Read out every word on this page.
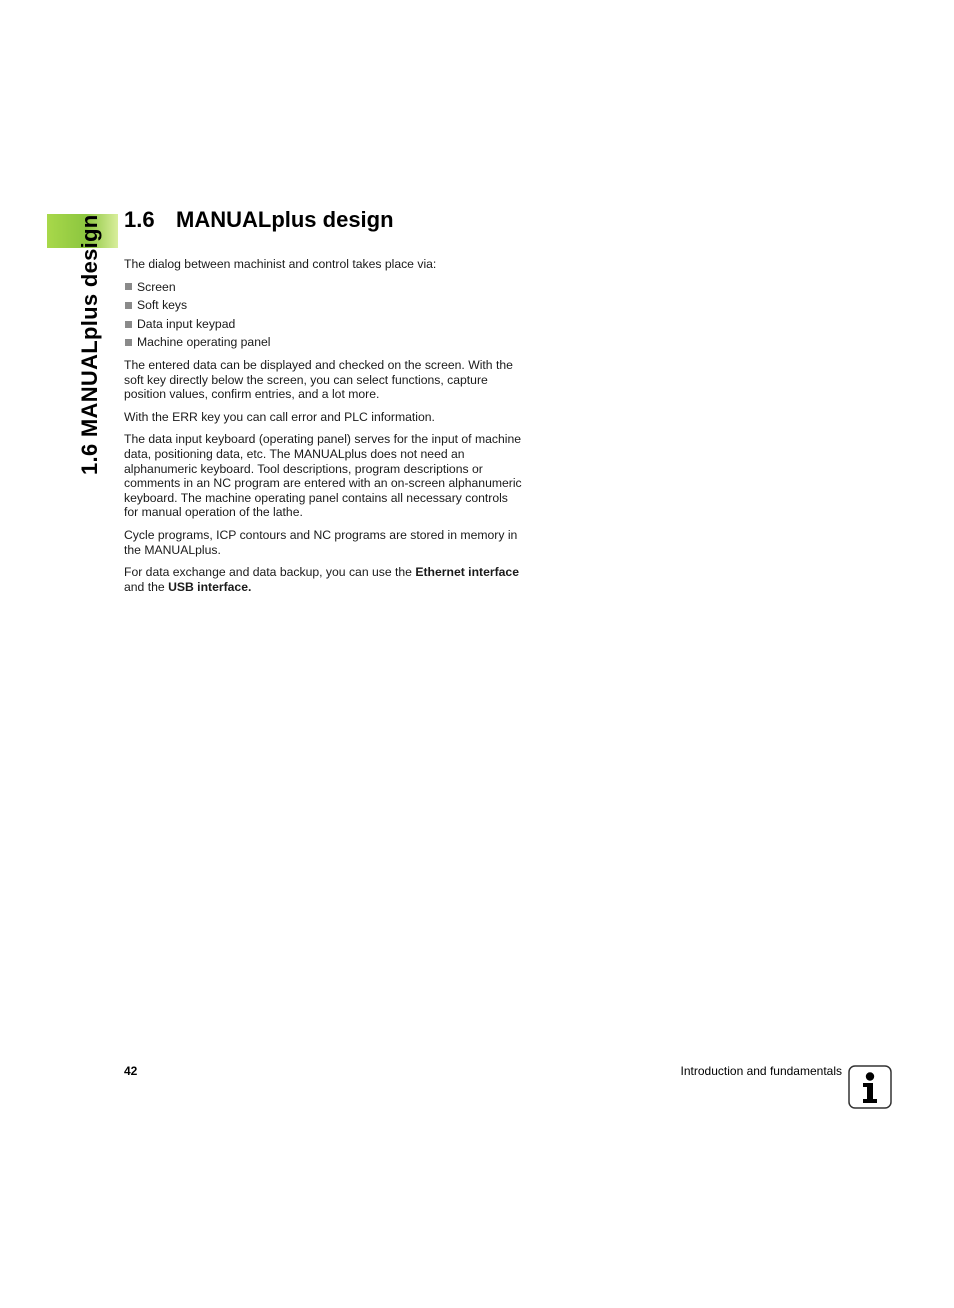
1.6 MANUALplus design 1.6 MANUALplus design

The dialog between machinist and control takes place via:

Screen
Soft keys
Data input keypad
Machine operating panel

The entered data can be displayed and checked on the screen. With the soft key directly below the screen, you can select functions, capture position values, confirm entries, and a lot more.

With the ERR key you can call error and PLC information.

The data input keyboard (operating panel) serves for the input of machine data, positioning data, etc. The MANUALplus does not need an alphanumeric keyboard. Tool descriptions, program descriptions or comments in an NC program are entered with an on-screen alphanumeric keyboard. The machine operating panel contains all necessary controls for manual operation of the lathe.

Cycle programs, ICP contours and NC programs are stored in memory in the MANUALplus.

For data exchange and data backup, you can use the Ethernet interface and the USB interface.

42	Introduction and fundamentals
